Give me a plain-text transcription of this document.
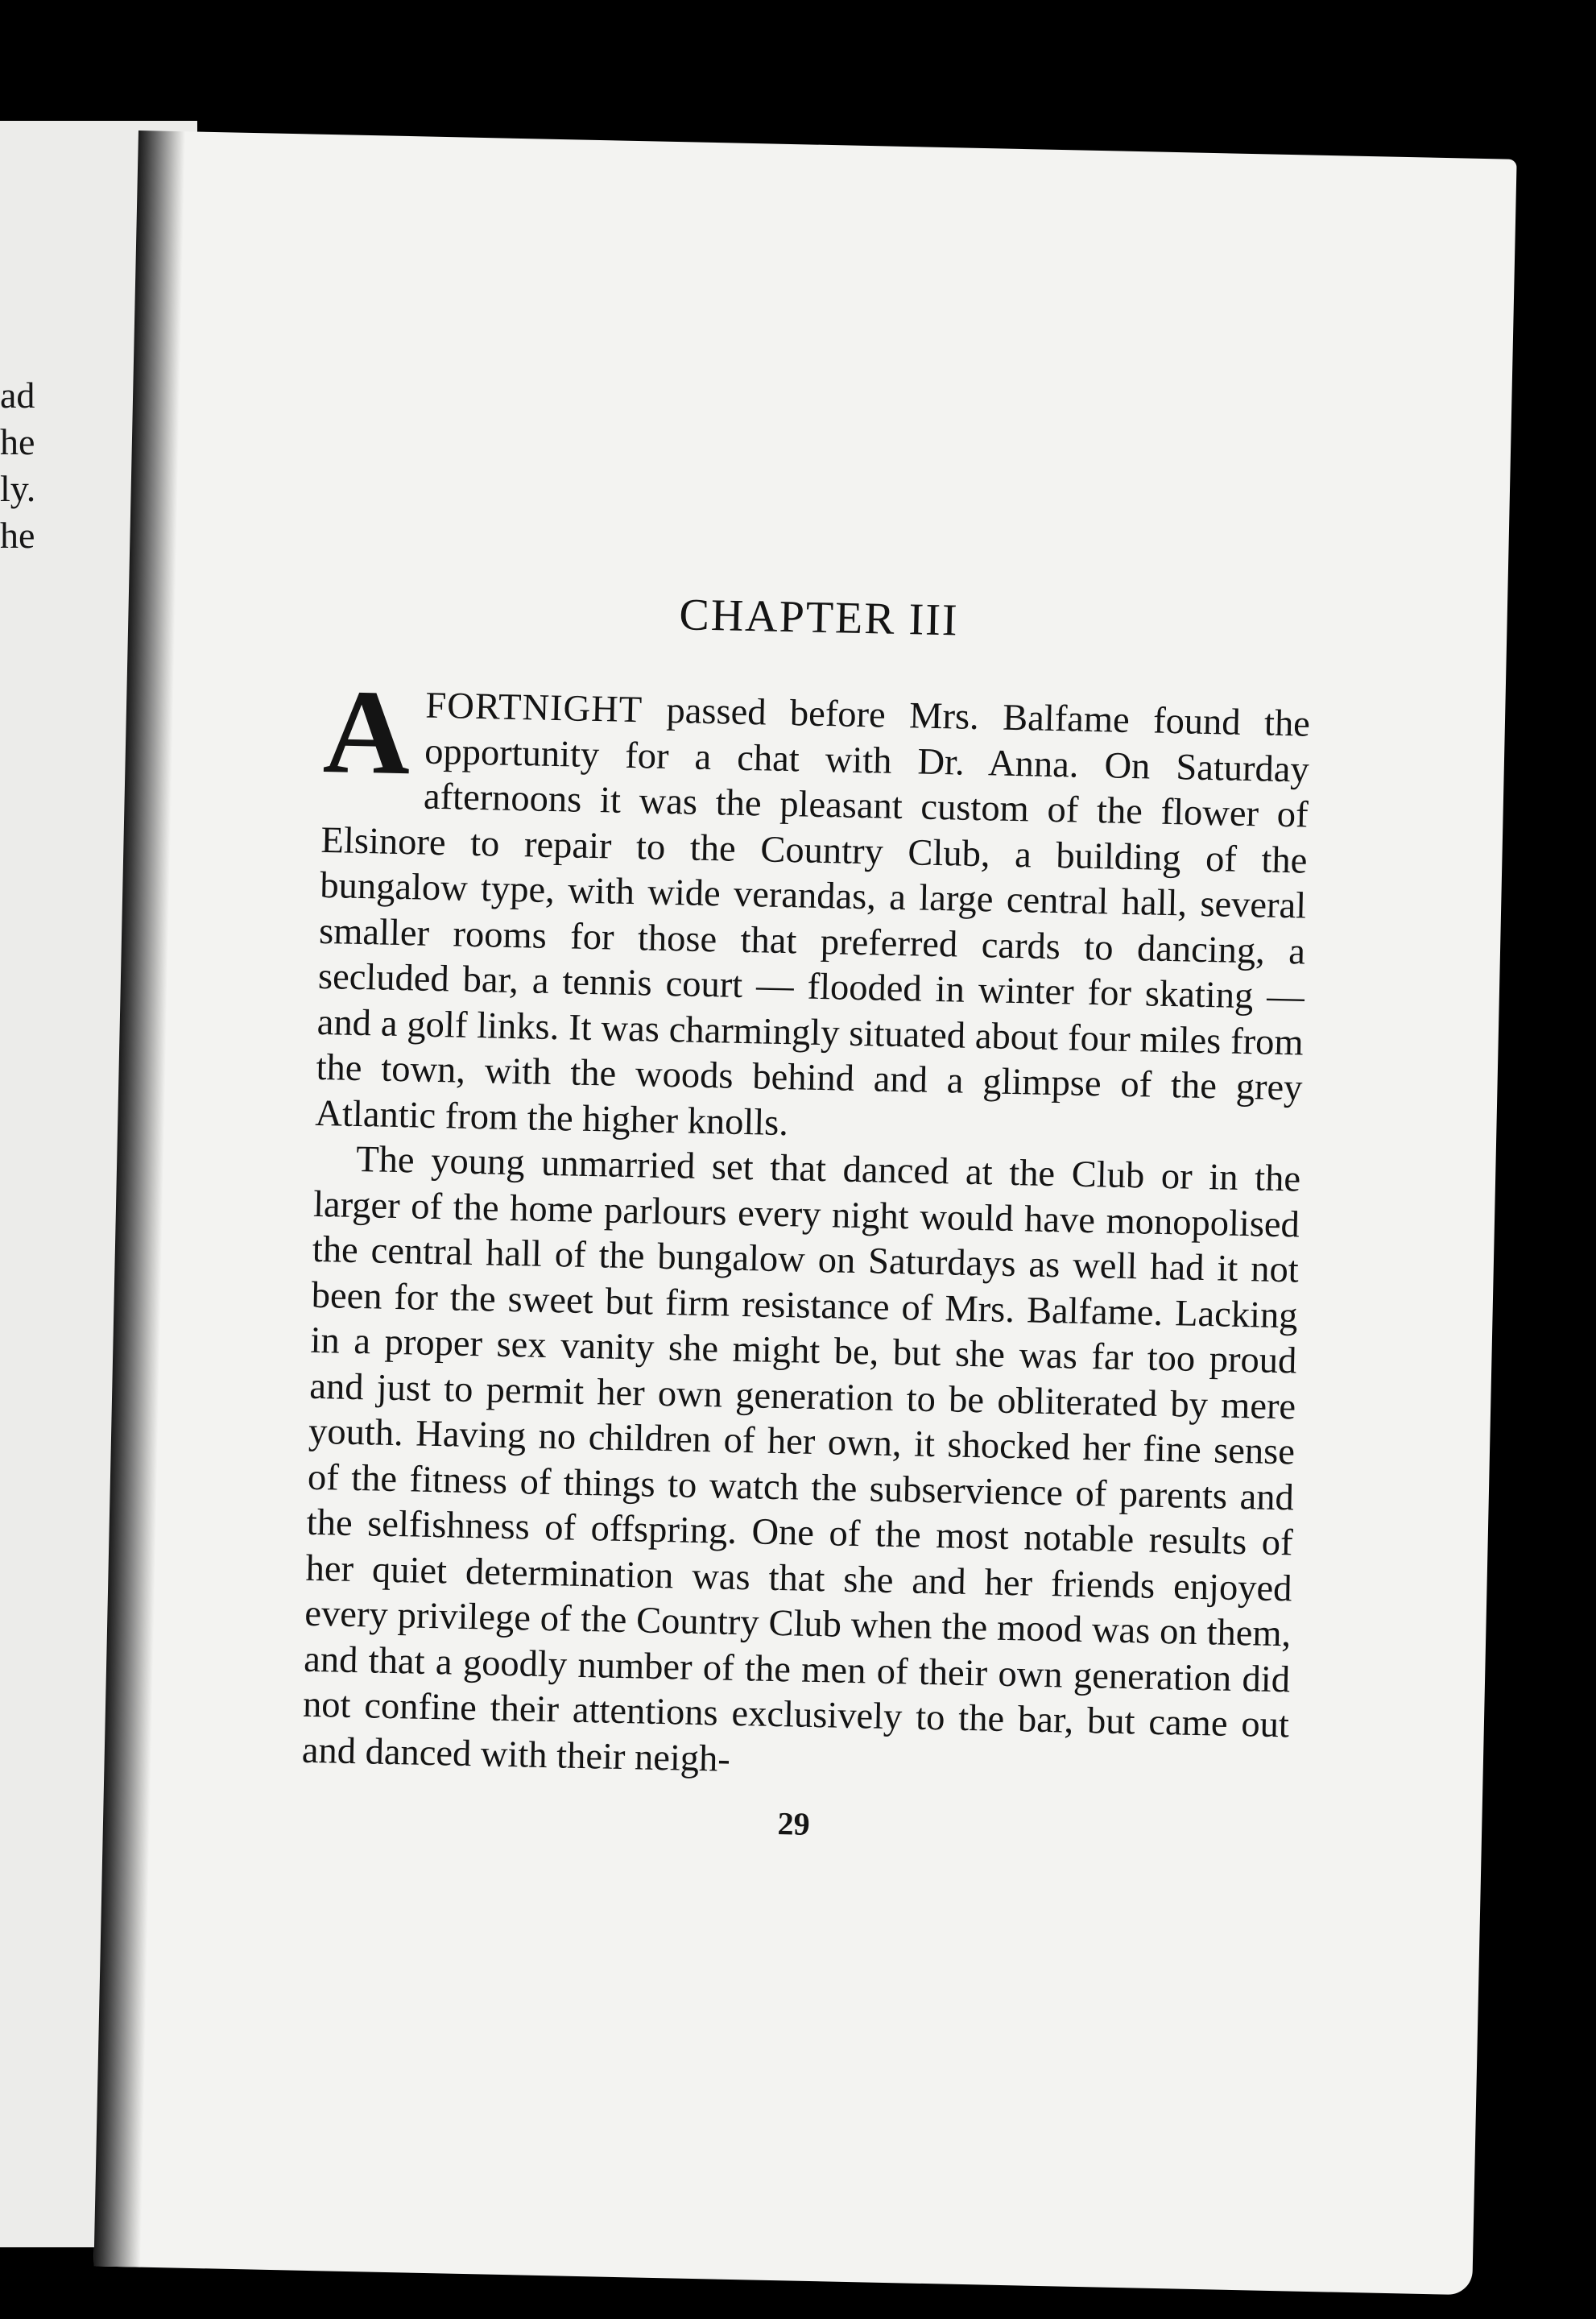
ad
he
ly.
he
CHAPTER III

AFORTNIGHT passed before Mrs. Balfame found the opportunity for a chat with Dr. Anna. On Saturday afternoons it was the pleasant custom of the flower of Elsinore to repair to the Country Club, a building of the bungalow type, with wide verandas, a large central hall, several smaller rooms for those that preferred cards to dancing, a secluded bar, a tennis court — flooded in winter for skating — and a golf links. It was charmingly situated about four miles from the town, with the woods behind and a glimpse of the grey Atlantic from the higher knolls.

The young unmarried set that danced at the Club or in the larger of the home parlours every night would have monopolised the central hall of the bungalow on Saturdays as well had it not been for the sweet but firm resistance of Mrs. Balfame. Lacking in a proper sex vanity she might be, but she was far too proud and just to permit her own generation to be obliterated by mere youth. Having no children of her own, it shocked her fine sense of the fitness of things to watch the subservience of parents and the selfishness of offspring. One of the most notable results of her quiet determination was that she and her friends enjoyed every privilege of the Country Club when the mood was on them, and that a goodly number of the men of their own generation did not confine their attentions exclusively to the bar, but came out and danced with their neigh-

29
